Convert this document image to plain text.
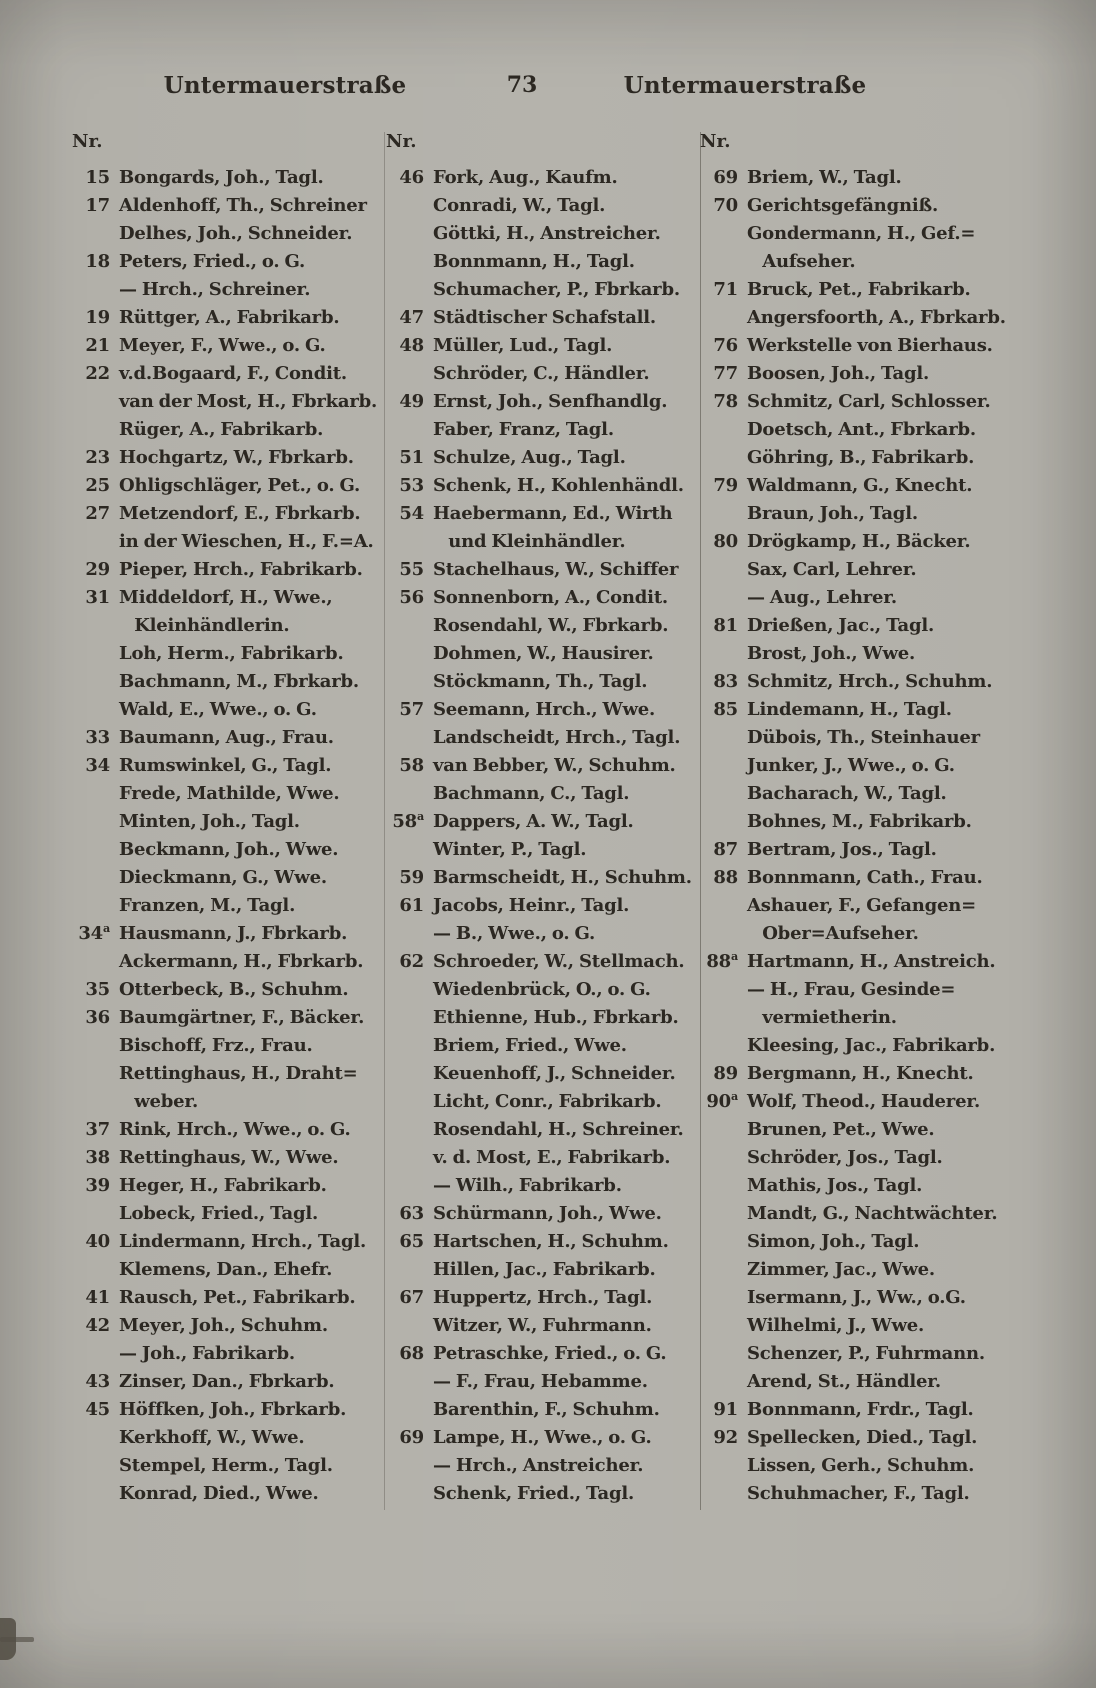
Untermauerstraße	73	Untermauerstraße
Nr.
15 Bongards, Joh., Tagl.
17 Aldenhoff, Th., Schreiner
Delhes, Joh., Schneider.
18 Peters, Fried., o. G.
— Hrch., Schreiner.
19 Rüttger, A., Fabrikarb.
21 Meyer, F., Wwe., o. G.
22 v.d.Bogaard, F., Condit.
van der Most, H., Fbrkarb.
Rüger, A., Fabrikarb.
23 Hochgartz, W., Fbrkarb.
25 Ohligschläger, Pet., o. G.
27 Metzendorf, E., Fbrkarb.
in der Wieschen, H., F.=A.
29 Pieper, Hrch., Fabrikarb.
31 Middeldorf, H., Wwe.,
Kleinhändlerin.
Loh, Herm., Fabrikarb.
Bachmann, M., Fbrkarb.
Wald, E., Wwe., o. G.
33 Baumann, Aug., Frau.
34 Rumswinkel, G., Tagl.
Frede, Mathilde, Wwe.
Minten, Joh., Tagl.
Beckmann, Joh., Wwe.
Dieckmann, G., Wwe.
Franzen, M., Tagl.
34$^a$ Hausmann, J., Fbrkarb.
Ackermann, H., Fbrkarb.
35 Otterbeck, B., Schuhm.
36 Baumgärtner, F., Bäcker.
Bischoff, Frz., Frau.
Rettinghaus, H., Draht=
weber.
37 Rink, Hrch., Wwe., o. G.
38 Rettinghaus, W., Wwe.
39 Heger, H., Fabrikarb.
Lobeck, Fried., Tagl.
40 Lindermann, Hrch., Tagl.
Klemens, Dan., Ehefr.
41 Rausch, Pet., Fabrikarb.
42 Meyer, Joh., Schuhm.
— Joh., Fabrikarb.
43 Zinser, Dan., Fbrkarb.
45 Höffken, Joh., Fbrkarb.
Kerkhoff, W., Wwe.
Stempel, Herm., Tagl.
Konrad, Died., Wwe.
Nr.
46 Fork, Aug., Kaufm.
Conradi, W., Tagl.
Göttki, H., Anstreicher.
Bonnmann, H., Tagl.
Schumacher, P., Fbrkarb.
47 Städtischer Schafstall.
48 Müller, Lud., Tagl.
Schröder, C., Händler.
49 Ernst, Joh., Senfhandlg.
Faber, Franz, Tagl.
51 Schulze, Aug., Tagl.
53 Schenk, H., Kohlenhändl.
54 Haebermann, Ed., Wirth
und Kleinhändler.
55 Stachelhaus, W., Schiffer
56 Sonnenborn, A., Condit.
Rosendahl, W., Fbrkarb.
Dohmen, W., Hausirer.
Stöckmann, Th., Tagl.
57 Seemann, Hrch., Wwe.
Landscheidt, Hrch., Tagl.
58 van Bebber, W., Schuhm.
Bachmann, C., Tagl.
58$^a$ Dappers, A. W., Tagl.
Winter, P., Tagl.
59 Barmscheidt, H., Schuhm.
61 Jacobs, Heinr., Tagl.
— B., Wwe., o. G.
62 Schroeder, W., Stellmach.
Wiedenbrück, O., o. G.
Ethienne, Hub., Fbrkarb.
Briem, Fried., Wwe.
Keuenhoff, J., Schneider.
Licht, Conr., Fabrikarb.
Rosendahl, H., Schreiner.
v. d. Most, E., Fabrikarb.
— Wilh., Fabrikarb.
63 Schürmann, Joh., Wwe.
65 Hartschen, H., Schuhm.
Hillen, Jac., Fabrikarb.
67 Huppertz, Hrch., Tagl.
Witzer, W., Fuhrmann.
68 Petraschke, Fried., o. G.
— F., Frau, Hebamme.
Barenthin, F., Schuhm.
69 Lampe, H., Wwe., o. G.
— Hrch., Anstreicher.
Schenk, Fried., Tagl.
Nr.
69 Briem, W., Tagl.
70 Gerichtsgefängniß.
Gondermann, H., Gef.=
Aufseher.
71 Bruck, Pet., Fabrikarb.
Angersfoorth, A., Fbrkarb.
76 Werkstelle von Bierhaus.
77 Boosen, Joh., Tagl.
78 Schmitz, Carl, Schlosser.
Doetsch, Ant., Fbrkarb.
Göhring, B., Fabrikarb.
79 Waldmann, G., Knecht.
Braun, Joh., Tagl.
80 Drögkamp, H., Bäcker.
Sax, Carl, Lehrer.
— Aug., Lehrer.
81 Drießen, Jac., Tagl.
Brost, Joh., Wwe.
83 Schmitz, Hrch., Schuhm.
85 Lindemann, H., Tagl.
Dübois, Th., Steinhauer
Junker, J., Wwe., o. G.
Bacharach, W., Tagl.
Bohnes, M., Fabrikarb.
87 Bertram, Jos., Tagl.
88 Bonnmann, Cath., Frau.
Ashauer, F., Gefangen=
Ober=Aufseher.
88$^a$ Hartmann, H., Anstreich.
— H., Frau, Gesinde=
vermietherin.
Kleesing, Jac., Fabrikarb.
89 Bergmann, H., Knecht.
90$^a$ Wolf, Theod., Hauderer.
Brunen, Pet., Wwe.
Schröder, Jos., Tagl.
Mathis, Jos., Tagl.
Mandt, G., Nachtwächter.
Simon, Joh., Tagl.
Zimmer, Jac., Wwe.
Isermann, J., Ww., o.G.
Wilhelmi, J., Wwe.
Schenzer, P., Fuhrmann.
Arend, St., Händler.
91 Bonnmann, Frdr., Tagl.
92 Spellecken, Died., Tagl.
Lissen, Gerh., Schuhm.
Schuhmacher, F., Tagl.
